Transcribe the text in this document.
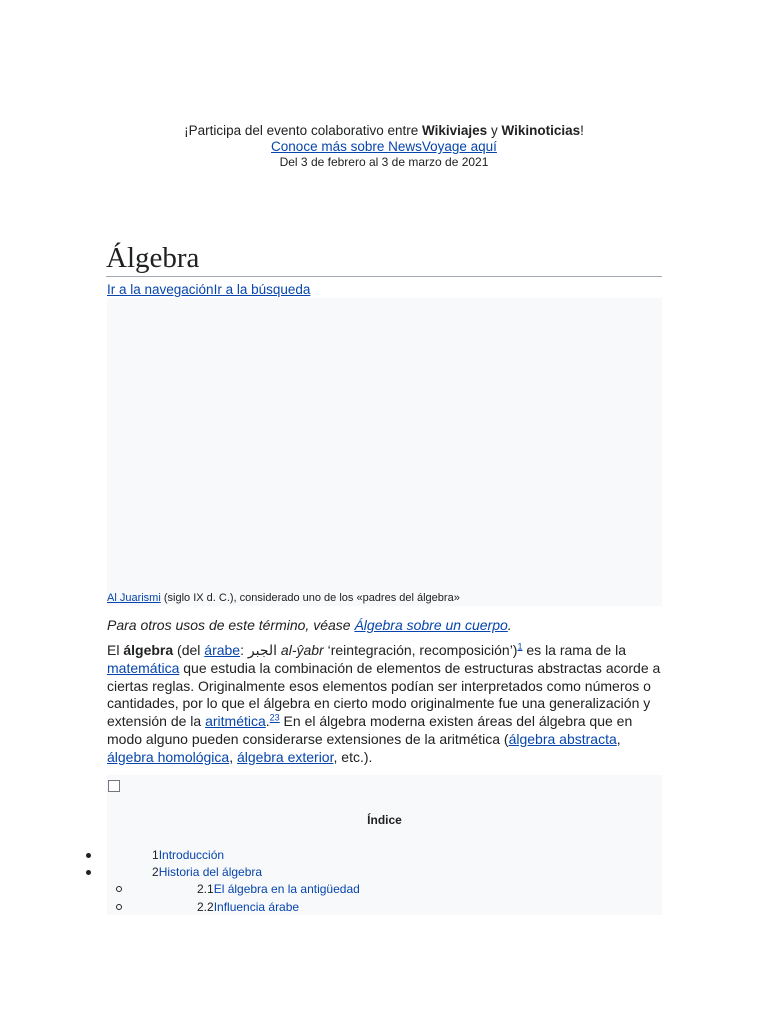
¡Participa del evento colaborativo entre Wikiviajes y Wikinoticias!
Conoce más sobre NewsVoyage aquí
Del 3 de febrero al 3 de marzo de 2021
Álgebra
Ir a la navegaciónIr a la búsqueda
Al Juarismi (siglo IX d. C.), considerado uno de los «padres del álgebra»
Para otros usos de este término, véase Álgebra sobre un cuerpo.

El álgebra (del árabe: الجبر al-ŷabr ‘reintegración, recomposición’)$^1$ es la rama de la matemática que estudia la combinación de elementos de estructuras abstractas acorde a ciertas reglas. Originalmente esos elementos podían ser interpretados como números o cantidades, por lo que el álgebra en cierto modo originalmente fue una generalización y extensión de la aritmética.$^{23}$ En el álgebra moderna existen áreas del álgebra que en modo alguno pueden considerarse extensiones de la aritmética (álgebra abstracta, álgebra homológica, álgebra exterior, etc.).

Índice
1Introducción
2Historia del álgebra
2.1El álgebra en la antigüedad
2.2Influencia árabe
